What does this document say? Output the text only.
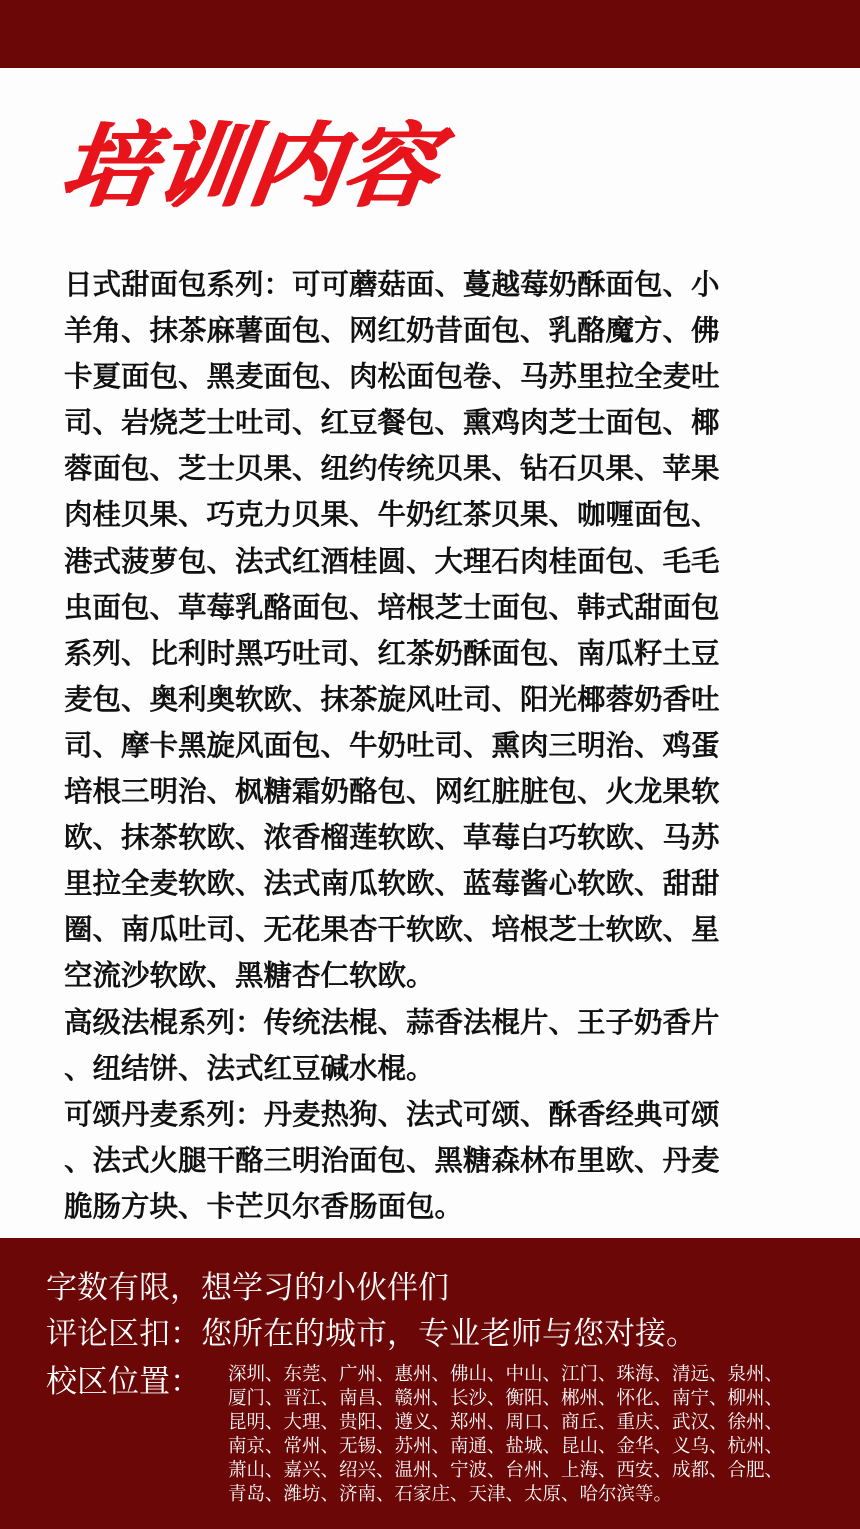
培训内容
日式甜面包系列：可可蘑菇面、蔓越莓奶酥面包、小
羊角、抹茶麻薯面包、网红奶昔面包、乳酪魔方、佛
卡夏面包、黑麦面包、肉松面包卷、马苏里拉全麦吐
司、岩烧芝士吐司、红豆餐包、熏鸡肉芝士面包、椰
蓉面包、芝士贝果、纽约传统贝果、钻石贝果、苹果
肉桂贝果、巧克力贝果、牛奶红茶贝果、咖喱面包、
港式菠萝包、法式红酒桂圆、大理石肉桂面包、毛毛
虫面包、草莓乳酪面包、培根芝士面包、韩式甜面包
系列、比利时黑巧吐司、红茶奶酥面包、南瓜籽土豆
麦包、奥利奥软欧、抹茶旋风吐司、阳光椰蓉奶香吐
司、摩卡黑旋风面包、牛奶吐司、熏肉三明治、鸡蛋
培根三明治、枫糖霜奶酪包、网红脏脏包、火龙果软
欧、抹茶软欧、浓香榴莲软欧、草莓白巧软欧、马苏
里拉全麦软欧、法式南瓜软欧、蓝莓酱心软欧、甜甜
圈、南瓜吐司、无花果杏干软欧、培根芝士软欧、星
空流沙软欧、黑糖杏仁软欧。
高级法棍系列：传统法棍、蒜香法棍片、王子奶香片
、纽结饼、法式红豆碱水棍。
可颂丹麦系列：丹麦热狗、法式可颂、酥香经典可颂
、法式火腿干酪三明治面包、黑糖森林布里欧、丹麦
脆肠方块、卡芒贝尔香肠面包。
字数有限，想学习的小伙伴们
评论区扣：您所在的城市，专业老师与您对接。
校区位置： 深圳、东莞、广州、惠州、佛山、中山、江门、珠海、清远、泉州、
厦门、晋江、南昌、赣州、长沙、衡阳、郴州、怀化、南宁、柳州、
昆明、大理、贵阳、遵义、郑州、周口、商丘、重庆、武汉、徐州、
南京、常州、无锡、苏州、南通、盐城、昆山、金华、义乌、杭州、
萧山、嘉兴、绍兴、温州、宁波、台州、上海、西安、成都、合肥、
青岛、潍坊、济南、石家庄、天津、太原、哈尔滨等。
